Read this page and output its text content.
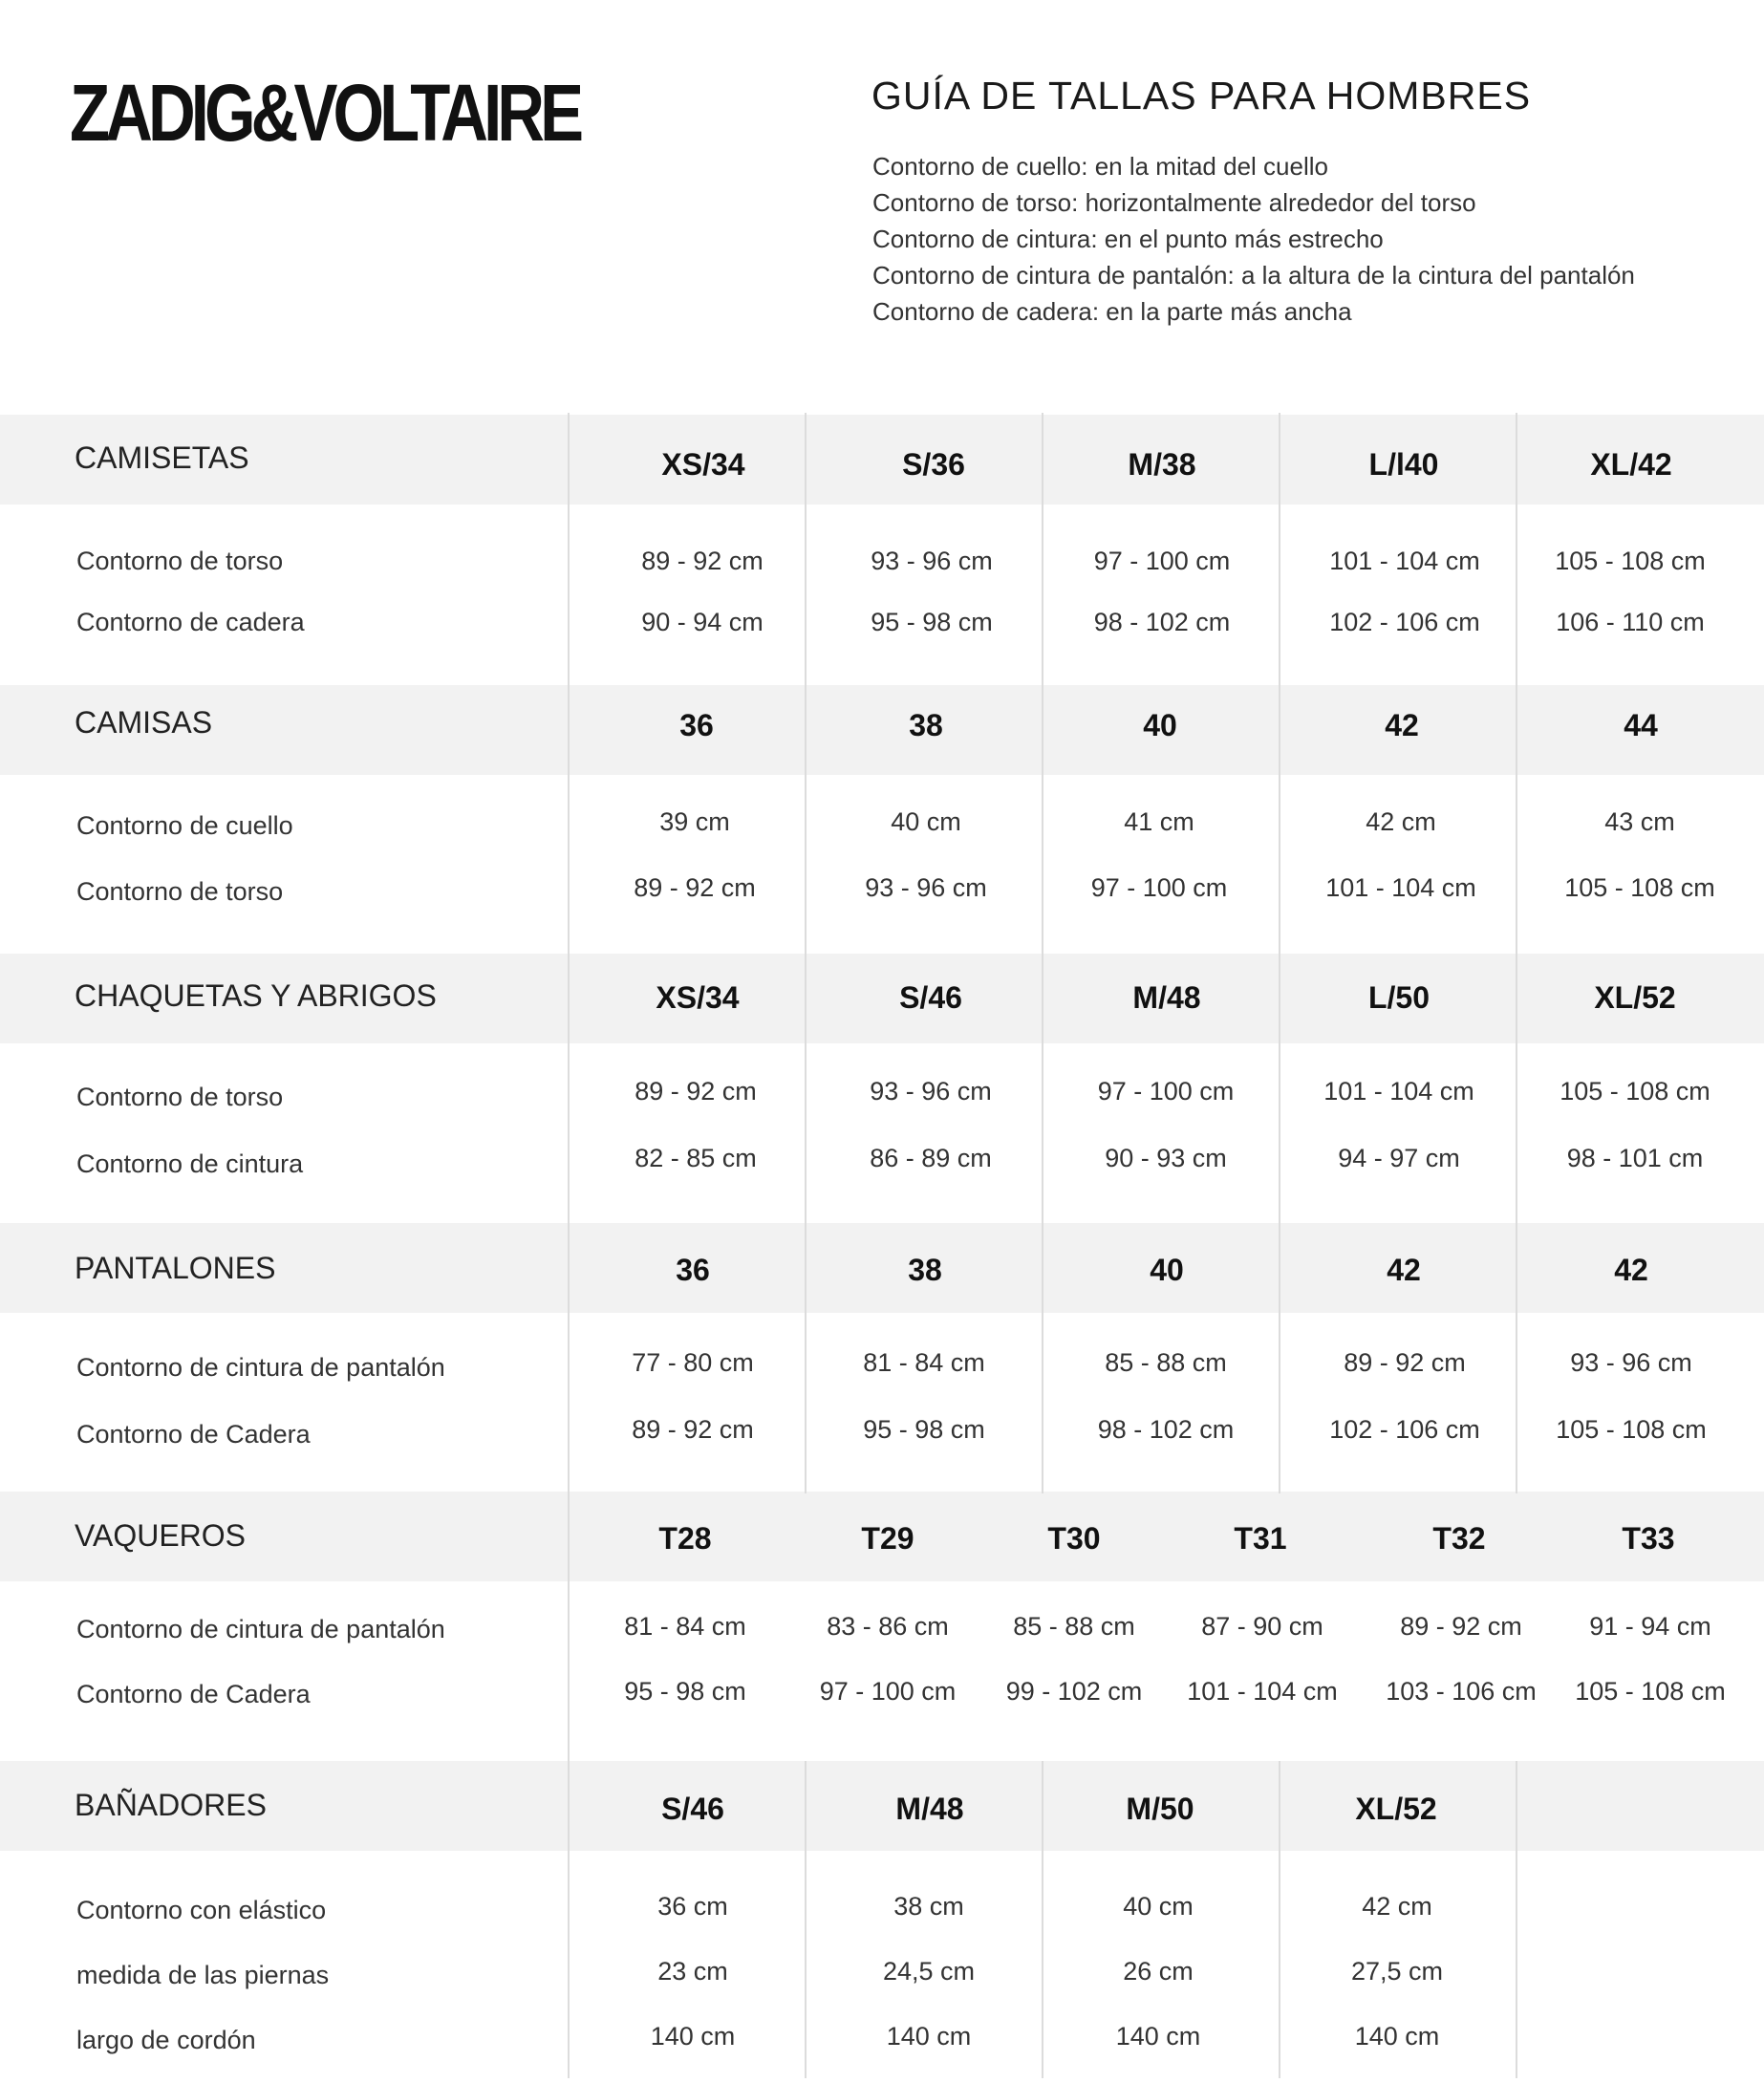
ZADIG&VOLTAIRE	GUÍA DE TALLAS PARA HOMBRES
Contorno de cuello: en la mitad del cuello
Contorno de torso: horizontalmente alrededor del torso
Contorno de cintura: en el punto más estrecho
Contorno de cintura de pantalón: a la altura de la cintura del pantalón
Contorno de cadera: en la parte más ancha
CAMISETAS	XS/34	S/36	M/38	L/l40	XL/42
Contorno de torso	89 - 92 cm	93 - 96 cm	97 - 100 cm	101 - 104 cm	105 - 108 cm
Contorno de cadera	90 - 94 cm	95 - 98 cm	98 - 102 cm	102 - 106 cm	106 - 110 cm
CAMISAS	36	38	40	42	44
Contorno de cuello	39 cm	40 cm	41 cm	42 cm	43 cm
Contorno de torso	89 - 92 cm	93 - 96 cm	97 - 100 cm	101 - 104 cm	105 - 108 cm
CHAQUETAS Y ABRIGOS	XS/34	S/46	M/48	L/50	XL/52
Contorno de torso	89 - 92 cm	93 - 96 cm	97 - 100 cm	101 - 104 cm	105 - 108 cm
Contorno de cintura	82 - 85 cm	86 - 89 cm	90 - 93 cm	94 - 97 cm	98 - 101 cm
PANTALONES	36	38	40	42	42
Contorno de cintura de pantalón	77 - 80 cm	81 - 84 cm	85 - 88 cm	89 - 92 cm	93 - 96 cm
Contorno de Cadera	89 - 92 cm	95 - 98 cm	98 - 102 cm	102 - 106 cm	105 - 108 cm
VAQUEROS	T28	T29	T30	T31	T32	T33
Contorno de cintura de pantalón	81 - 84 cm	83 - 86 cm 85 - 88 cm	87 - 90 cm	89 - 92 cm	91 - 94 cm
Contorno de Cadera	95 - 98 cm	97 - 100 cm 99 - 102 cm 101 - 104 cm 103 - 106 cm 105 - 108 cm
BAÑADORES	S/46	M/48	M/50	XL/52
Contorno con elástico	36 cm	38 cm	40 cm	42 cm
medida de las piernas	23 cm	24,5 cm	26 cm	27,5 cm
largo de cordón	140 cm	140 cm	140 cm	140 cm
